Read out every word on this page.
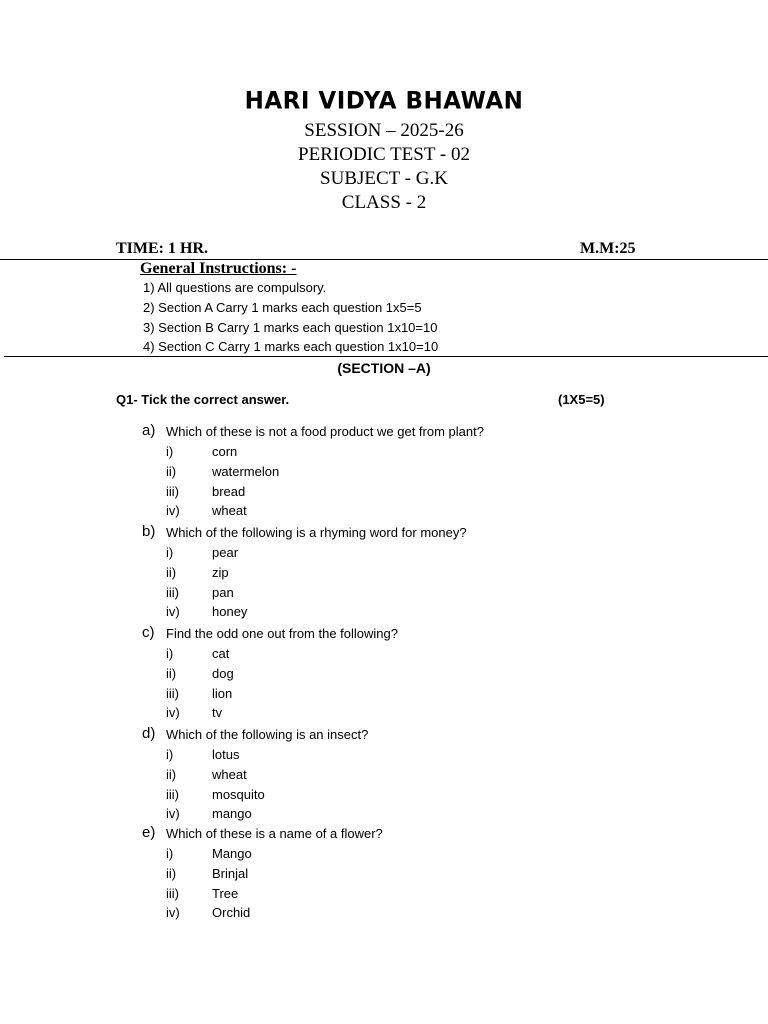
HARI VIDYA BHAWAN
SESSION – 2025-26
PERIODIC TEST - 02
SUBJECT - G.K
CLASS - 2
TIME: 1 HR.	M.M:25
General Instructions: -
1) All questions are compulsory.
2) Section A Carry 1 marks each question 1x5=5
3) Section B Carry 1 marks each question 1x10=10
4) Section C Carry 1 marks each question 1x10=10
(SECTION –A)
Q1- Tick the correct answer.	(1X5=5)
a) Which of these is not a food product we get from plant?
i)	corn
ii)	watermelon
iii)	bread
iv) wheat
b) Which of the following is a rhyming word for money?
i)	pear
ii)	zip
iii)	pan
iv) honey
c) Find the odd one out from the following?
i)	cat
ii)	dog
iii)	lion
iv) tv
d) Which of the following is an insect?
i)	lotus
ii)	wheat
iii)	mosquito
iv) mango
e) Which of these is a name of a flower?
i)	Mango
ii)	Brinjal
iii)	Tree
iv) Orchid
